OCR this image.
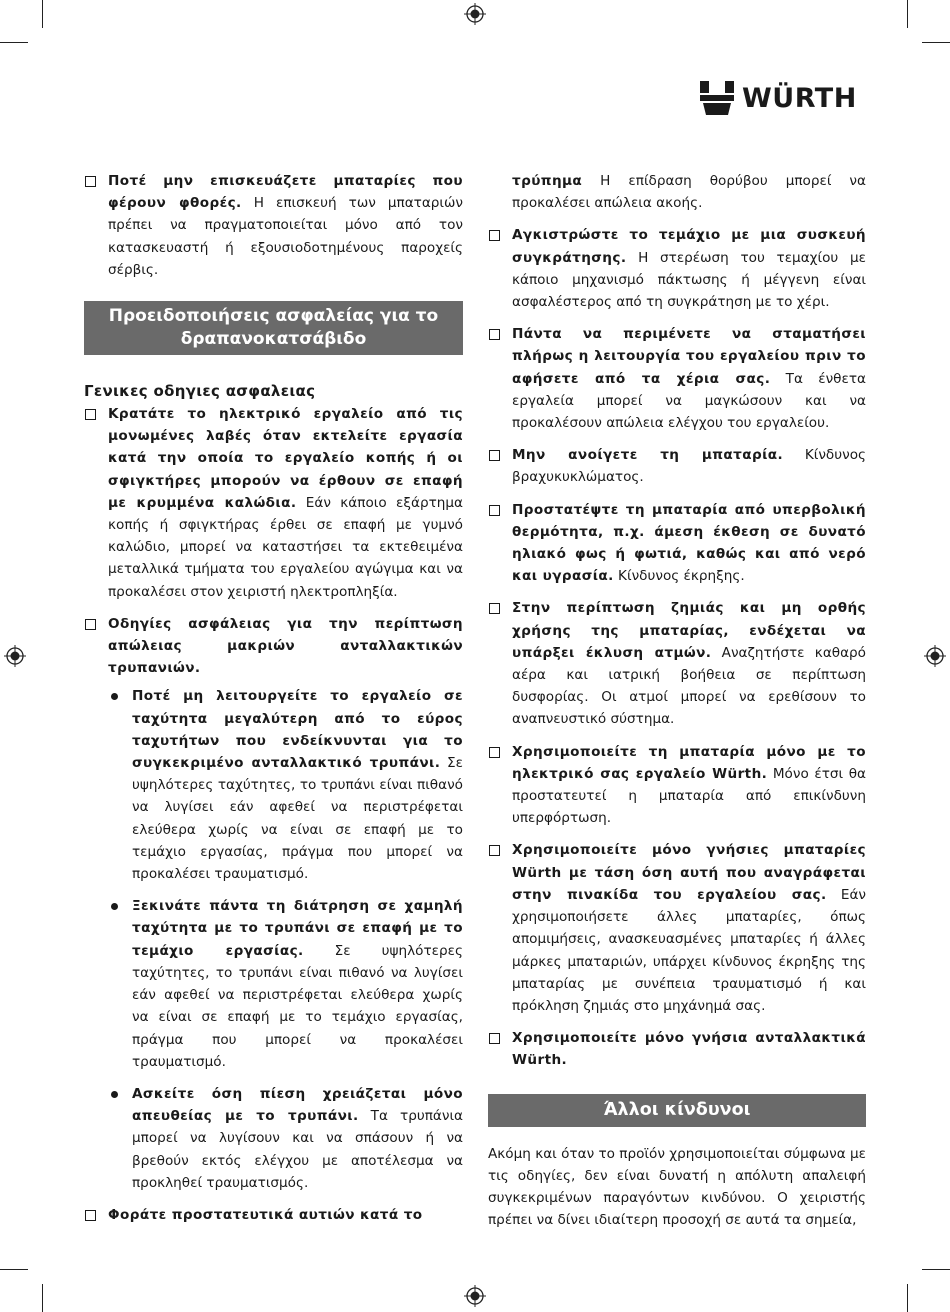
WÜRTH

Ποτέ μην επισκευάζετε μπαταρίες που φέρουν φθορές. Η επισκευή των μπαταριών πρέπει να πραγματοποιείται μόνο από τον κατασκευαστή ή εξουσιοδοτημένους παροχείς σέρβις.

Προειδοποιήσεις ασφαλείας για το δραπανοκατσάβιδο

Γενικες οδηγιες ασφαλειας

Κρατάτε το ηλεκτρικό εργαλείο από τις μονωμένες λαβές όταν εκτελείτε εργασία κατά την οποία το εργαλείο κοπής ή οι σφιγκτήρες μπορούν να έρθουν σε επαφή με κρυμμένα καλώδια. Εάν κάποιο εξάρτημα κοπής ή σφιγκτήρας έρθει σε επαφή με γυμνό καλώδιο, μπορεί να καταστήσει τα εκτεθειμένα μεταλλικά τμήματα του εργαλείου αγώγιμα και να προκαλέσει στον χειριστή ηλεκτροπληξία.

Οδηγίες ασφάλειας για την περίπτωση απώλειας μακριών ανταλλακτικών τρυπανιών.

Ποτέ μη λειτουργείτε το εργαλείο σε ταχύτητα μεγαλύτερη από το εύρος ταχυτήτων που ενδείκνυνται για το συγκεκριμένο ανταλλακτικό τρυπάνι. Σε υψηλότερες ταχύτητες, το τρυπάνι είναι πιθανό να λυγίσει εάν αφεθεί να περιστρέφεται ελεύθερα χωρίς να είναι σε επαφή με το τεμάχιο εργασίας, πράγμα που μπορεί να προκαλέσει τραυματισμό.

Ξεκινάτε πάντα τη διάτρηση σε χαμηλή ταχύτητα με το τρυπάνι σε επαφή με το τεμάχιο εργασίας. Σε υψηλότερες ταχύτητες, το τρυπάνι είναι πιθανό να λυγίσει εάν αφεθεί να περιστρέφεται ελεύθερα χωρίς να είναι σε επαφή με το τεμάχιο εργασίας, πράγμα που μπορεί να προκαλέσει τραυματισμό.

Ασκείτε όση πίεση χρειάζεται μόνο απευθείας με το τρυπάνι. Τα τρυπάνια μπορεί να λυγίσουν και να σπάσουν ή να βρεθούν εκτός ελέγχου με αποτέλεσμα να προκληθεί τραυματισμός.

Φοράτε προστατευτικά αυτιών κατά το

τρύπημα Η επίδραση θορύβου μπορεί να προκαλέσει απώλεια ακοής.

Αγκιστρώστε το τεμάχιο με μια συσκευή συγκράτησης. Η στερέωση του τεμαχίου με κάποιο μηχανισμό πάκτωσης ή μέγγενη είναι ασφαλέστερος από τη συγκράτηση με το χέρι.

Πάντα να περιμένετε να σταματήσει πλήρως η λειτουργία του εργαλείου πριν το αφήσετε από τα χέρια σας. Τα ένθετα εργαλεία μπορεί να μαγκώσουν και να προκαλέσουν απώλεια ελέγχου του εργαλείου.

Μην ανοίγετε τη μπαταρία. Κίνδυνος βραχυκυκλώματος.

Προστατέψτε τη μπαταρία από υπερβολική θερμότητα, π.χ. άμεση έκθεση σε δυνατό ηλιακό φως ή φωτιά, καθώς και από νερό και υγρασία. Κίνδυνος έκρηξης.

Στην περίπτωση ζημιάς και μη ορθής χρήσης της μπαταρίας, ενδέχεται να υπάρξει έκλυση ατμών. Αναζητήστε καθαρό αέρα και ιατρική βοήθεια σε περίπτωση δυσφορίας. Οι ατμοί μπορεί να ερεθίσουν το αναπνευστικό σύστημα.

Χρησιμοποιείτε τη μπαταρία μόνο με το ηλεκτρικό σας εργαλείο Würth. Μόνο έτσι θα προστατευτεί η μπαταρία από επικίνδυνη υπερφόρτωση.

Χρησιμοποιείτε μόνο γνήσιες μπαταρίες Würth με τάση όση αυτή που αναγράφεται στην πινακίδα του εργαλείου σας. Εάν χρησιμοποιήσετε άλλες μπαταρίες, όπως απομιμήσεις, ανασκευασμένες μπαταρίες ή άλλες μάρκες μπαταριών, υπάρχει κίνδυνος έκρηξης της μπαταρίας με συνέπεια τραυματισμό ή και πρόκληση ζημιάς στο μηχάνημά σας.

Χρησιμοποιείτε μόνο γνήσια ανταλλακτικά Würth.

Άλλοι κίνδυνοι

Ακόμη και όταν το προϊόν χρησιμοποιείται σύμφωνα με τις οδηγίες, δεν είναι δυνατή η απόλυτη απαλειφή συγκεκριμένων παραγόντων κινδύνου. Ο χειριστής πρέπει να δίνει ιδιαίτερη προσοχή σε αυτά τα σημεία,
